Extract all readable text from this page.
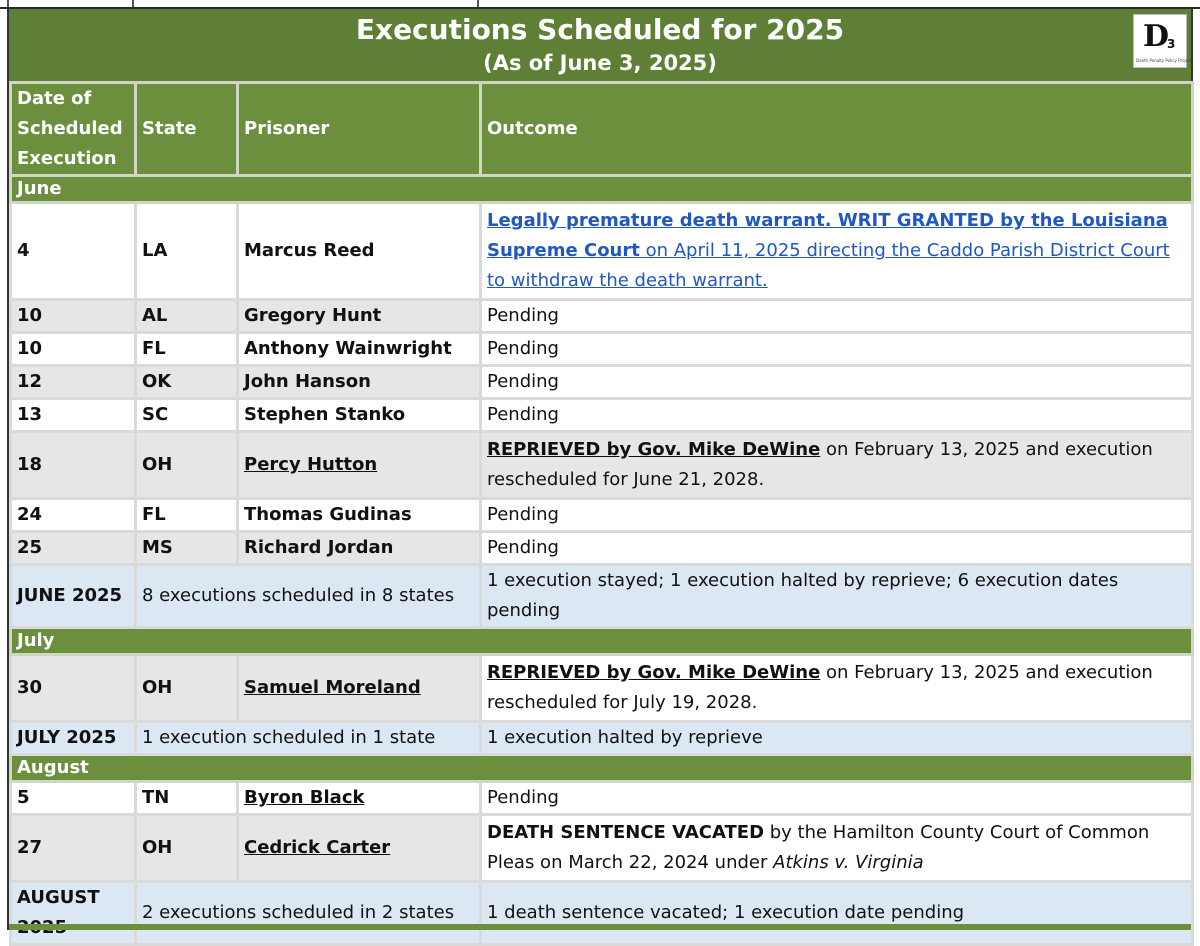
Executions Scheduled for 2025
(As of June 3, 2025)
D
3
Death Penalty Policy Project
Date of Scheduled Execution	State	Prisoner	Outcome
June			
4	LA	Marcus Reed	Legally premature death warrant. WRIT GRANTED by the Louisiana Supreme Court on April 11, 2025 directing the Caddo Parish District Court to withdraw the death warrant.
10	AL	Gregory Hunt	Pending
10	FL	Anthony Wainwright	Pending
12	OK	John Hanson	Pending
13	SC	Stephen Stanko	Pending
18	OH	Percy Hutton	REPRIEVED by Gov. Mike DeWine on February 13, 2025 and execution rescheduled for June 21, 2028.
24	FL	Thomas Gudinas	Pending
25	MS	Richard Jordan	Pending
JUNE 2025	8 executions scheduled in 8 states		1 execution stayed; 1 execution halted by reprieve; 6 execution dates pending
July			
30	OH	Samuel Moreland	REPRIEVED by Gov. Mike DeWine on February 13, 2025 and execution rescheduled for July 19, 2028.
JULY 2025	1 execution scheduled in 1 state		1 execution halted by reprieve
August			
5	TN	Byron Black	Pending
27	OH	Cedrick Carter	DEATH SENTENCE VACATED by the Hamilton County Court of Common Pleas on March 22, 2024 under Atkins v. Virginia
AUGUST	2 executions scheduled in 2 states		1 death sentence vacated; 1 execution date pending
